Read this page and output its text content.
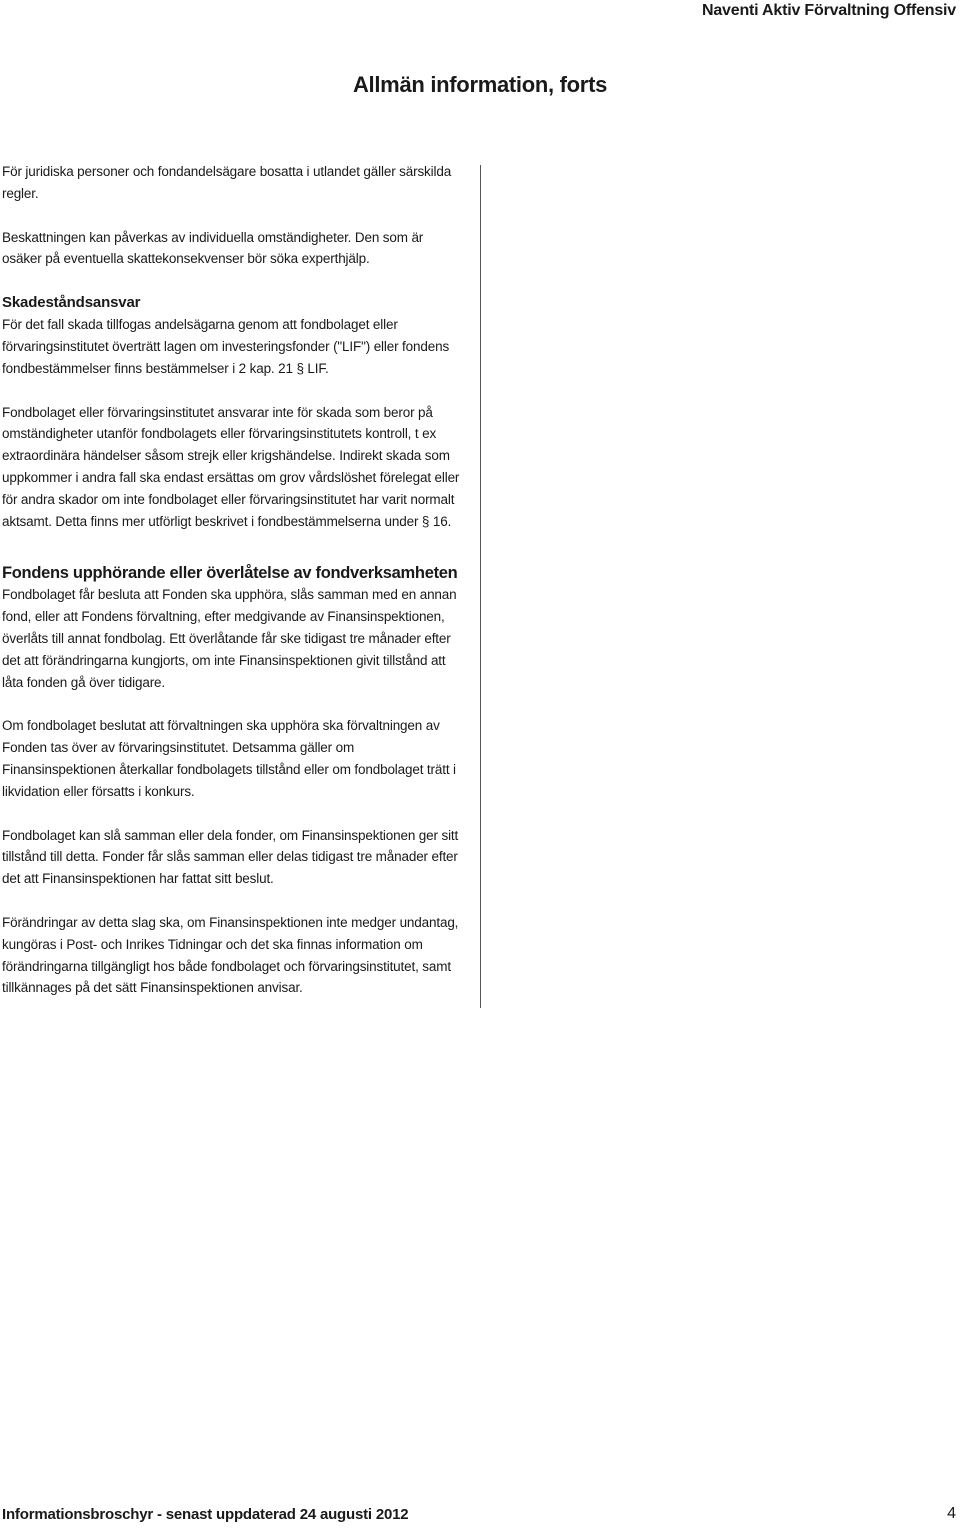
Naventi Aktiv Förvaltning Offensiv
Allmän information, forts

För juridiska personer och fondandelsägare bosatta i utlandet gäller särskilda regler.

Beskattningen kan påverkas av individuella omständigheter. Den som är osäker på eventuella skattekonsekvenser bör söka experthjälp.

Skadeståndsansvar

För det fall skada tillfogas andelsägarna genom att fondbolaget eller förvaringsinstitutet överträtt lagen om investeringsfonder ("LIF") eller fondens fondbestämmelser finns bestämmelser i 2 kap. 21 § LIF.

Fondbolaget eller förvaringsinstitutet ansvarar inte för skada som beror på omständigheter utanför fondbolagets eller förvaringsinstitutets kontroll, t ex extraordinära händelser såsom strejk eller krigshändelse. Indirekt skada som uppkommer i andra fall ska endast ersättas om grov vårdslöshet förelegat eller för andra skador om inte fondbolaget eller förvaringsinstitutet har varit normalt aktsamt. Detta finns mer utförligt beskrivet i fondbestämmelserna under § 16.

Fondens upphörande eller överlåtelse av fondverksamheten

Fondbolaget får besluta att Fonden ska upphöra, slås samman med en annan fond, eller att Fondens förvaltning, efter medgivande av Finansinspektionen, överlåts till annat fondbolag. Ett överlåtande får ske tidigast tre månader efter det att förändringarna kungjorts, om inte Finansinspektionen givit tillstånd att låta fonden gå över tidigare.

Om fondbolaget beslutat att förvaltningen ska upphöra ska förvaltningen av Fonden tas över av förvaringsinstitutet. Detsamma gäller om Finansinspektionen återkallar fondbolagets tillstånd eller om fondbolaget trätt i likvidation eller försatts i konkurs.

Fondbolaget kan slå samman eller dela fonder, om Finansinspektionen ger sitt tillstånd till detta. Fonder får slås samman eller delas tidigast tre månader efter det att Finansinspektionen har fattat sitt beslut.

Förändringar av detta slag ska, om Finansinspektionen inte medger undantag, kungöras i Post- och Inrikes Tidningar och det ska finnas information om förändringarna tillgängligt hos både fondbolaget och förvaringsinstitutet, samt tillkännages på det sätt Finansinspektionen anvisar.

Informationsbroschyr - senast uppdaterad 24 augusti 2012	4
